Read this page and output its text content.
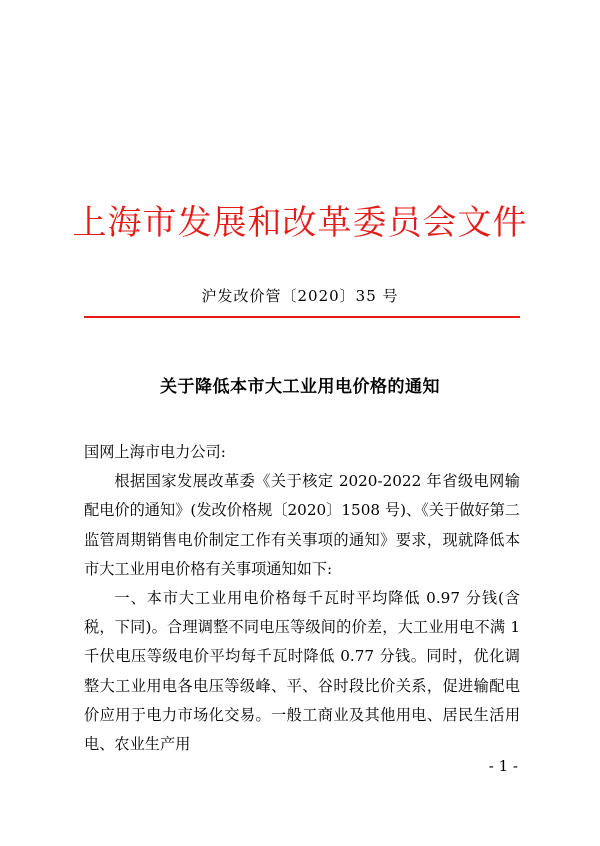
上海市发展和改革委员会文件
沪发改价管〔2020〕35 号
关于降低本市大工业用电价格的通知

国网上海市电力公司:

根据国家发展改革委《关于核定 2020-2022 年省级电网输配电价的通知》(发改价格规〔2020〕1508 号)、《关于做好第二监管周期销售电价制定工作有关事项的通知》要求，现就降低本市大工业用电价格有关事项通知如下:

一、本市大工业用电价格每千瓦时平均降低 0.97 分钱(含税，下同)。合理调整不同电压等级间的价差，大工业用电不满 1 千伏电压等级电价平均每千瓦时降低 0.77 分钱。同时，优化调整大工业用电各电压等级峰、平、谷时段比价关系，促进输配电价应用于电力市场化交易。一般工商业及其他用电、居民生活用电、农业生产用

- 1 -
